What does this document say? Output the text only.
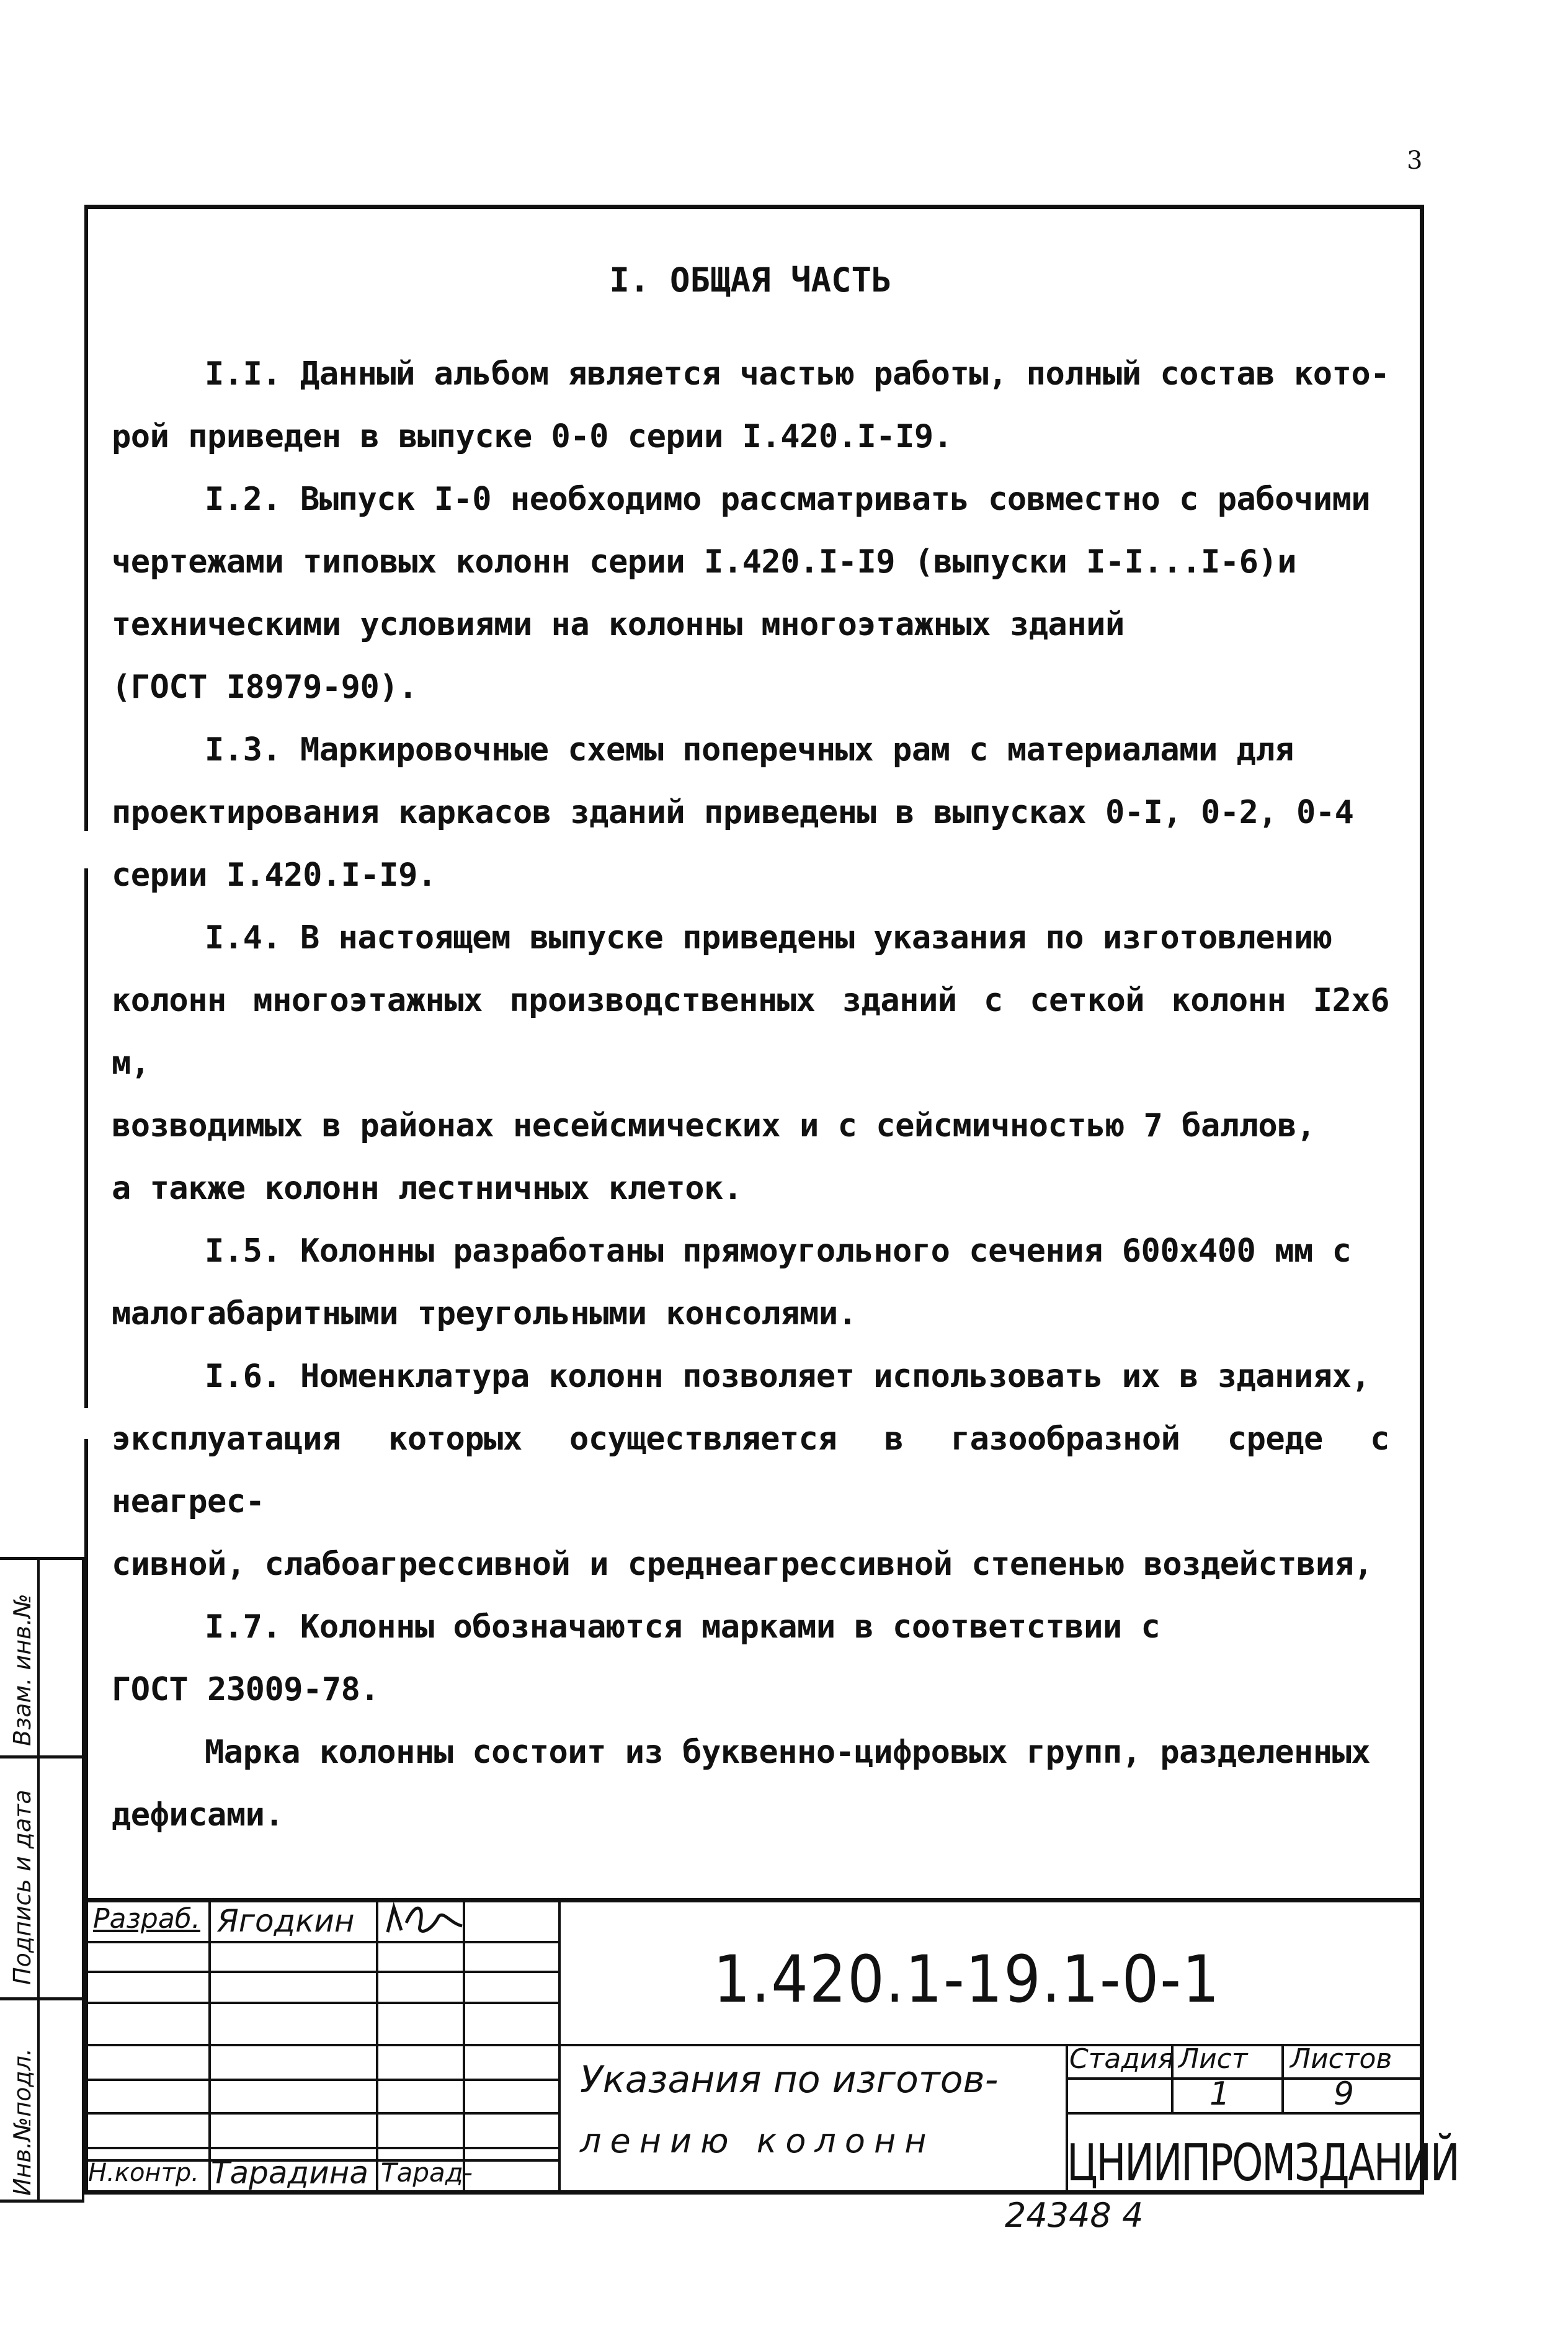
3
I. ОБЩАЯ ЧАСТЬ
I.I. Данный альбом является частью работы, полный состав кото-
рой приведен в выпуске 0-0 серии I.420.I-I9.
I.2. Выпуск I-0 необходимо рассматривать совместно с рабочими
чертежами типовых колонн серии I.420.I-I9 (выпуски I-I...I-6)и
техническими условиями на колонны многоэтажных зданий
(ГОСТ I8979-90).
I.3. Маркировочные схемы поперечных рам с материалами для
проектирования каркасов зданий приведены в выпусках 0-I, 0-2, 0-4
серии I.420.I-I9.
I.4. В настоящем выпуске приведены указания по изготовлению
колонн многоэтажных производственных зданий с сеткой колонн I2x6 м,
возводимых в районах несейсмических и с сейсмичностью 7 баллов,
а также колонн лестничных клеток.
I.5. Колонны разработаны прямоугольного сечения 600x400 мм с
малогабаритными треугольными консолями.
I.6. Номенклатура колонн позволяет использовать их в зданиях,
эксплуатация которых осуществляется в газообразной среде с неагрес-
сивной, слабоагрессивной и среднеагрессивной степенью воздействия,
I.7. Колонны обозначаются марками в соответствии с
ГОСТ 23009-78.
Марка колонны состоит из буквенно-цифровых групп, разделенных
дефисами.
Взам. инв.№
Подпись и дата
Инв.№подл.
Разраб. Ягодкин
Н.контр. Тарадина Тарад-
1.420.1-19.1-0-1
Указания по изготов-
лению колонн
Стадия Лист Листов
1	9
ЦНИИПРОМЗДАНИЙ
24348 4
